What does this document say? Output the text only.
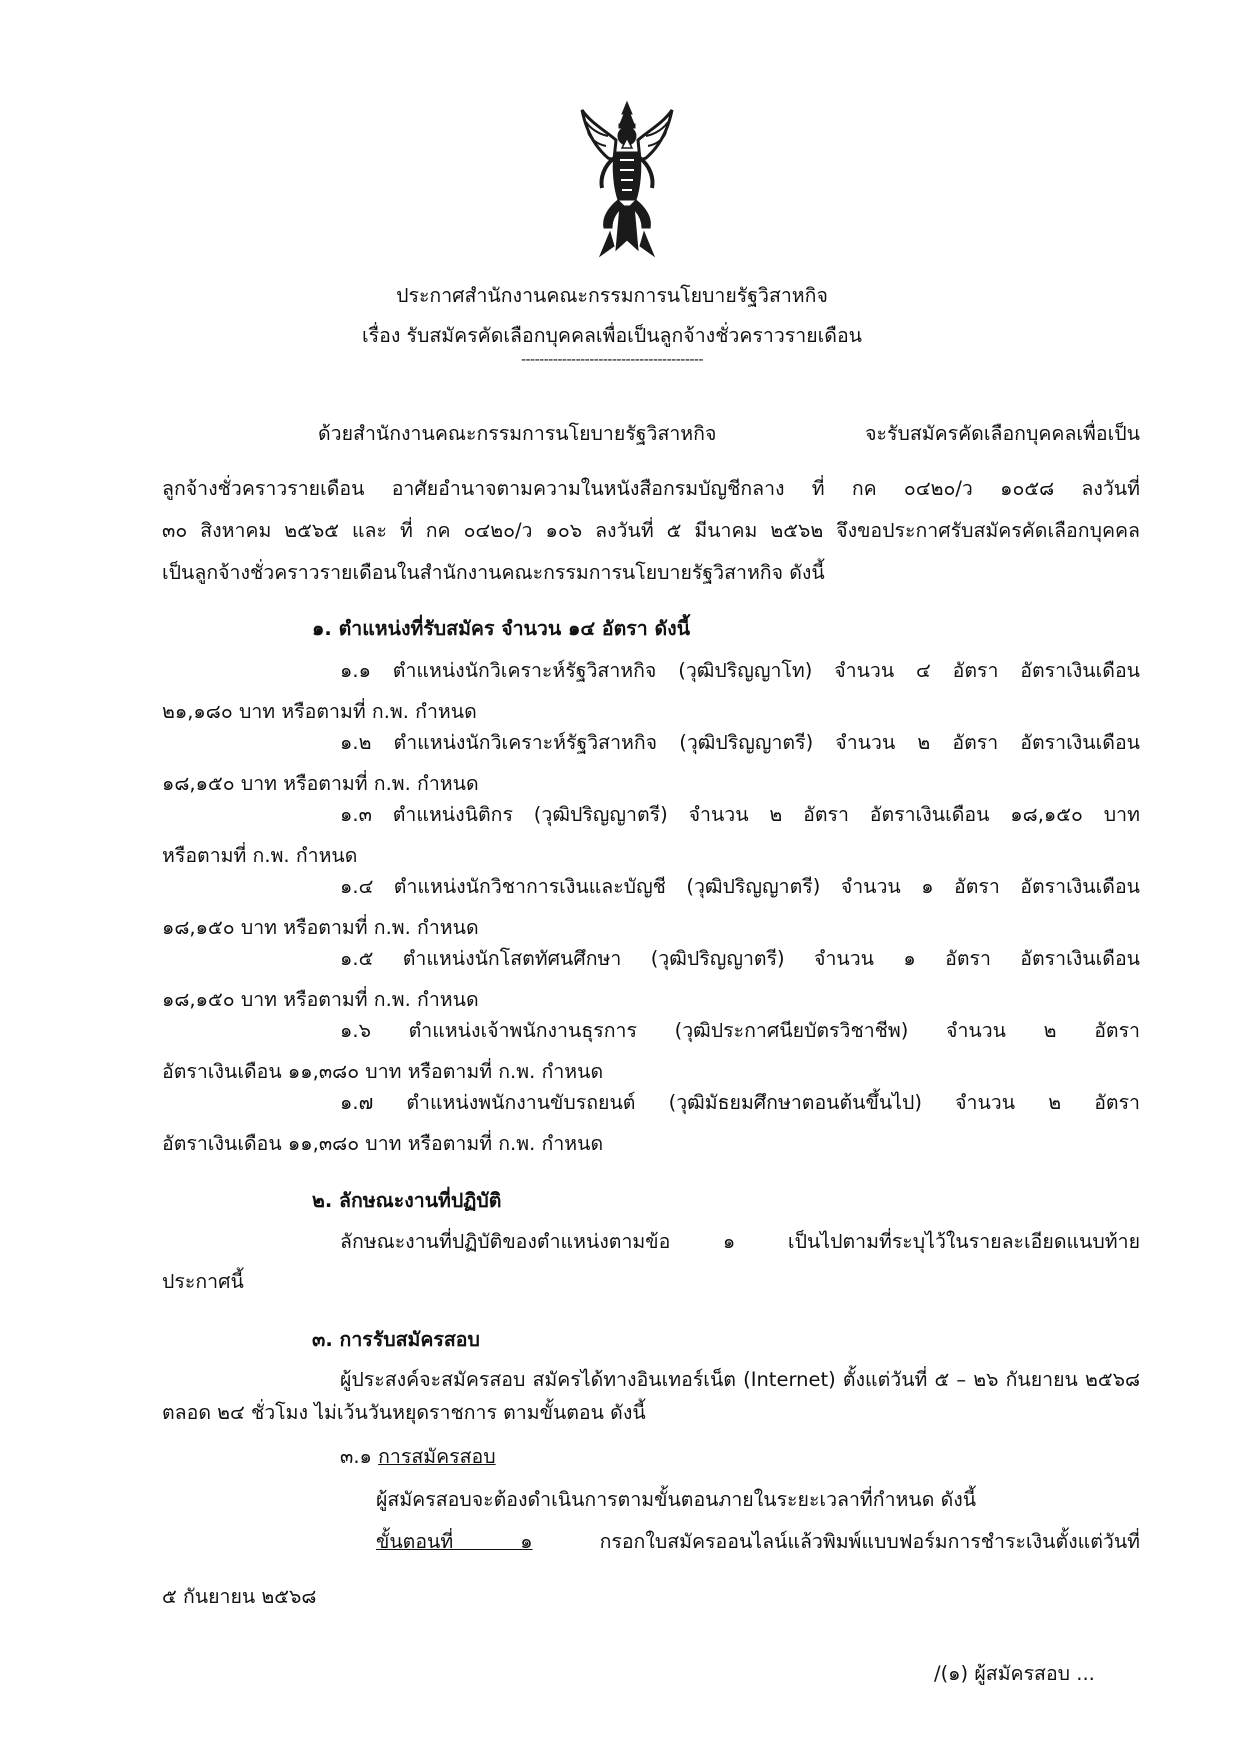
ประกาศสำนักงานคณะกรรมการนโยบายรัฐวิสาหกิจ
เรื่อง รับสมัครคัดเลือกบุคคลเพื่อเป็นลูกจ้างชั่วคราวรายเดือน
----------------------------------------
ด้วยสำนักงานคณะกรรมการนโยบายรัฐวิสาหกิจ จะรับสมัครคัดเลือกบุคคลเพื่อเป็น
ลูกจ้างชั่วคราวรายเดือน อาศัยอำนาจตามความในหนังสือกรมบัญชีกลาง ที่ กค ๐๔๒๐/ว ๑๐๕๘ ลงวันที่
๓๐ สิงหาคม ๒๕๖๕ และ ที่ กค ๐๔๒๐/ว ๑๐๖ ลงวันที่ ๕ มีนาคม ๒๕๖๒ จึงขอประกาศรับสมัครคัดเลือกบุคคล
เป็นลูกจ้างชั่วคราวรายเดือนในสำนักงานคณะกรรมการนโยบายรัฐวิสาหกิจ ดังนี้
๑. ตำแหน่งที่รับสมัคร จำนวน ๑๔ อัตรา ดังนี้
๑.๑ ตำแหน่งนักวิเคราะห์รัฐวิสาหกิจ (วุฒิปริญญาโท) จำนวน ๔ อัตรา อัตราเงินเดือน
๒๑,๑๘๐ บาท หรือตามที่ ก.พ. กำหนด
๑.๒ ตำแหน่งนักวิเคราะห์รัฐวิสาหกิจ (วุฒิปริญญาตรี) จำนวน ๒ อัตรา อัตราเงินเดือน
๑๘,๑๕๐ บาท หรือตามที่ ก.พ. กำหนด
๑.๓ ตำแหน่งนิติกร (วุฒิปริญญาตรี) จำนวน ๒ อัตรา อัตราเงินเดือน ๑๘,๑๕๐ บาท
หรือตามที่ ก.พ. กำหนด
๑.๔ ตำแหน่งนักวิชาการเงินและบัญชี (วุฒิปริญญาตรี) จำนวน ๑ อัตรา อัตราเงินเดือน
๑๘,๑๕๐ บาท หรือตามที่ ก.พ. กำหนด
๑.๕ ตำแหน่งนักโสตทัศนศึกษา (วุฒิปริญญาตรี) จำนวน ๑ อัตรา อัตราเงินเดือน
๑๘,๑๕๐ บาท หรือตามที่ ก.พ. กำหนด
๑.๖ ตำแหน่งเจ้าพนักงานธุรการ (วุฒิประกาศนียบัตรวิชาชีพ) จำนวน ๒ อัตรา
อัตราเงินเดือน ๑๑,๓๘๐ บาท หรือตามที่ ก.พ. กำหนด
๑.๗ ตำแหน่งพนักงานขับรถยนต์ (วุฒิมัธยมศึกษาตอนต้นขึ้นไป) จำนวน ๒ อัตรา
อัตราเงินเดือน ๑๑,๓๘๐ บาท หรือตามที่ ก.พ. กำหนด
๒. ลักษณะงานที่ปฏิบัติ
ลักษณะงานที่ปฏิบัติของตำแหน่งตามข้อ ๑ เป็นไปตามที่ระบุไว้ในรายละเอียดแนบท้าย
ประกาศนี้
๓. การรับสมัครสอบ
ผู้ประสงค์จะสมัครสอบ สมัครได้ทางอินเทอร์เน็ต (Internet) ตั้งแต่วันที่ ๕ – ๒๖ กันยายน ๒๕๖๘
ตลอด ๒๔ ชั่วโมง ไม่เว้นวันหยุดราชการ ตามขั้นตอน ดังนี้
๓.๑ การสมัครสอบ
ผู้สมัครสอบจะต้องดำเนินการตามขั้นตอนภายในระยะเวลาที่กำหนด ดังนี้
ขั้นตอนที่ ๑	กรอกใบสมัครออนไลน์แล้วพิมพ์แบบฟอร์มการชำระเงินตั้งแต่วันที่
๕ กันยายน ๒๕๖๘
/(๑) ผู้สมัครสอบ ...
